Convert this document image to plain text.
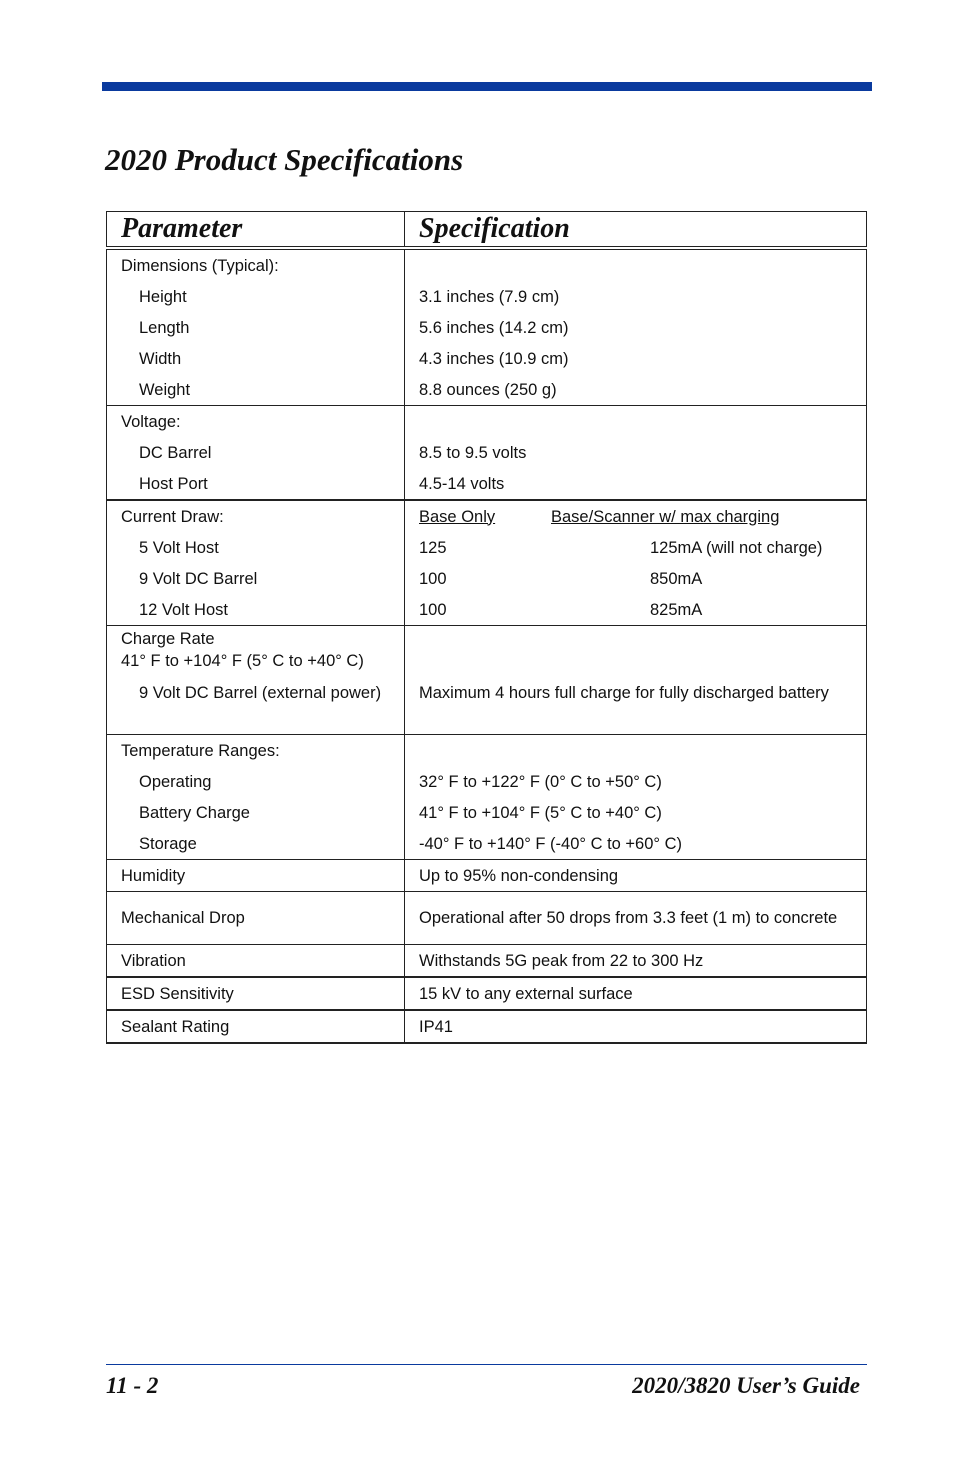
2020 Product Specifications
Parameter	Specification
Dimensions (Typical):	
Height	3.1 inches (7.9 cm)
Length	5.6 inches (14.2 cm)
Width	4.3 inches (10.9 cm)
Weight	8.8 ounces (250 g)
Voltage:	
DC Barrel	8.5 to 9.5 volts
Host Port	4.5-14 volts
Current Draw:	Base Only Base/Scanner w/ max charging
5 Volt Host	125 125mA (will not charge)

9 Volt DC Barrel	100 850mA

12 Volt Host	100 825mA

Charge Rate
41° F to +104° F (5° C to +40° C)	

9 Volt DC Barrel (external power)	Maximum 4 hours full charge for fully discharged battery
Temperature Ranges:	
Operating	32° F to +122° F (0° C to +50° C)
Battery Charge	41° F to +104° F (5° C to +40° C)
Storage	-40° F to +140° F (-40° C to +60° C)
Humidity	Up to 95% non-condensing
Mechanical Drop	Operational after 50 drops from 3.3 feet (1 m) to concrete
Vibration	Withstands 5G peak from 22 to 300 Hz
ESD Sensitivity	15 kV to any external surface
Sealant Rating	IP41

11 - 2	2020/3820 User’s Guide
